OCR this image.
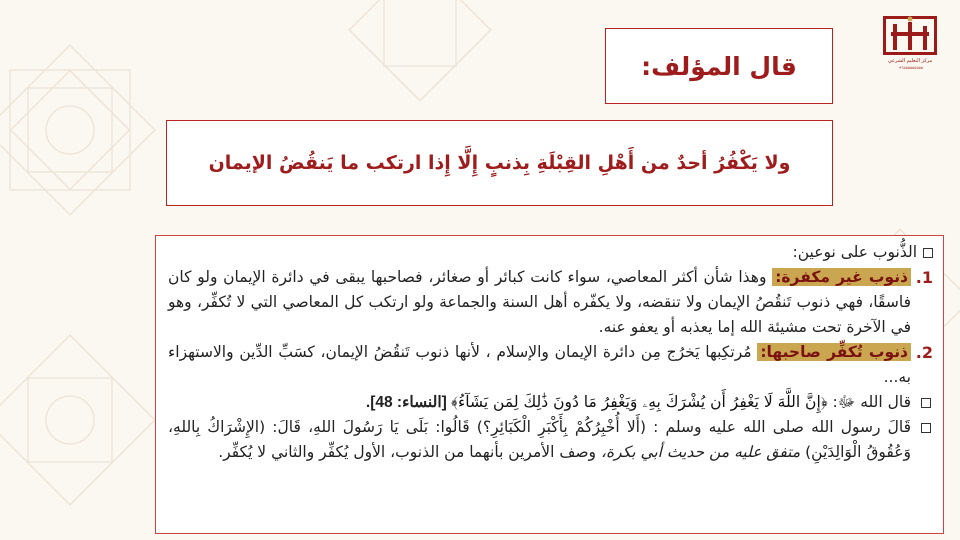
مركز التعليم الشرعي
٠٩٦٥٥٥٥٥٥٥٥٥
قال المؤلف:
ولا يَكْفُرُ أحدٌ من أَهْلِ القِبْلَةِ بِذنبٍ إِلَّا إِذا ارتكب ما يَنقُضُ الإيمان
الذُّنوب على نوعين:
1.
ذنوب غير مكفرة: وهذا شأن أكثر المعاصي، سواء كانت كبائر أو صغائر، فصاحبها يبقى في دائرة الإيمان ولو كان فاسقًا، فهي ذنوب تَنقُصُ الإيمان ولا تنقضه، ولا يكفّره أهل السنة والجماعة ولو ارتكب كل المعاصي التي لا تُكفِّر، وهو في الآخرة تحت مشيئة الله إما يعذبه أو يعفو عنه.
2.
ذنوب تُكفِّر صاحبها: مُرتكِبها يَخرُج مِن دائرة الإيمان والإسلام ، لأنها ذنوب تَنقُضُ الإيمان، كسَبِّ الدِّين والاستهزاء به...
قال الله ﷻ: ﴿إِنَّ اللَّهَ لَا يَغْفِرُ أَن يُشْرَكَ بِهِۦ وَيَغْفِرُ مَا دُونَ ذَٰلِكَ لِمَن يَشَآءُ﴾ [النساء: 48].
قَالَ رسول الله صلى الله عليه وسلم : (أَلا أُخْبِرُكُمْ بِأَكْبَرِ الْكَبَائِرِ؟) قَالُوا: بَلَى يَا رَسُولَ اللهِ، قَالَ: (الإِشْرَاكُ بِاللهِ، وَعُقُوقُ الْوَالِدَيْنِ) متفق عليه من حديث أبي بكرة، وصف الأمرين بأنهما من الذنوب، الأول يُكفِّر والثاني لا يُكفِّر.
